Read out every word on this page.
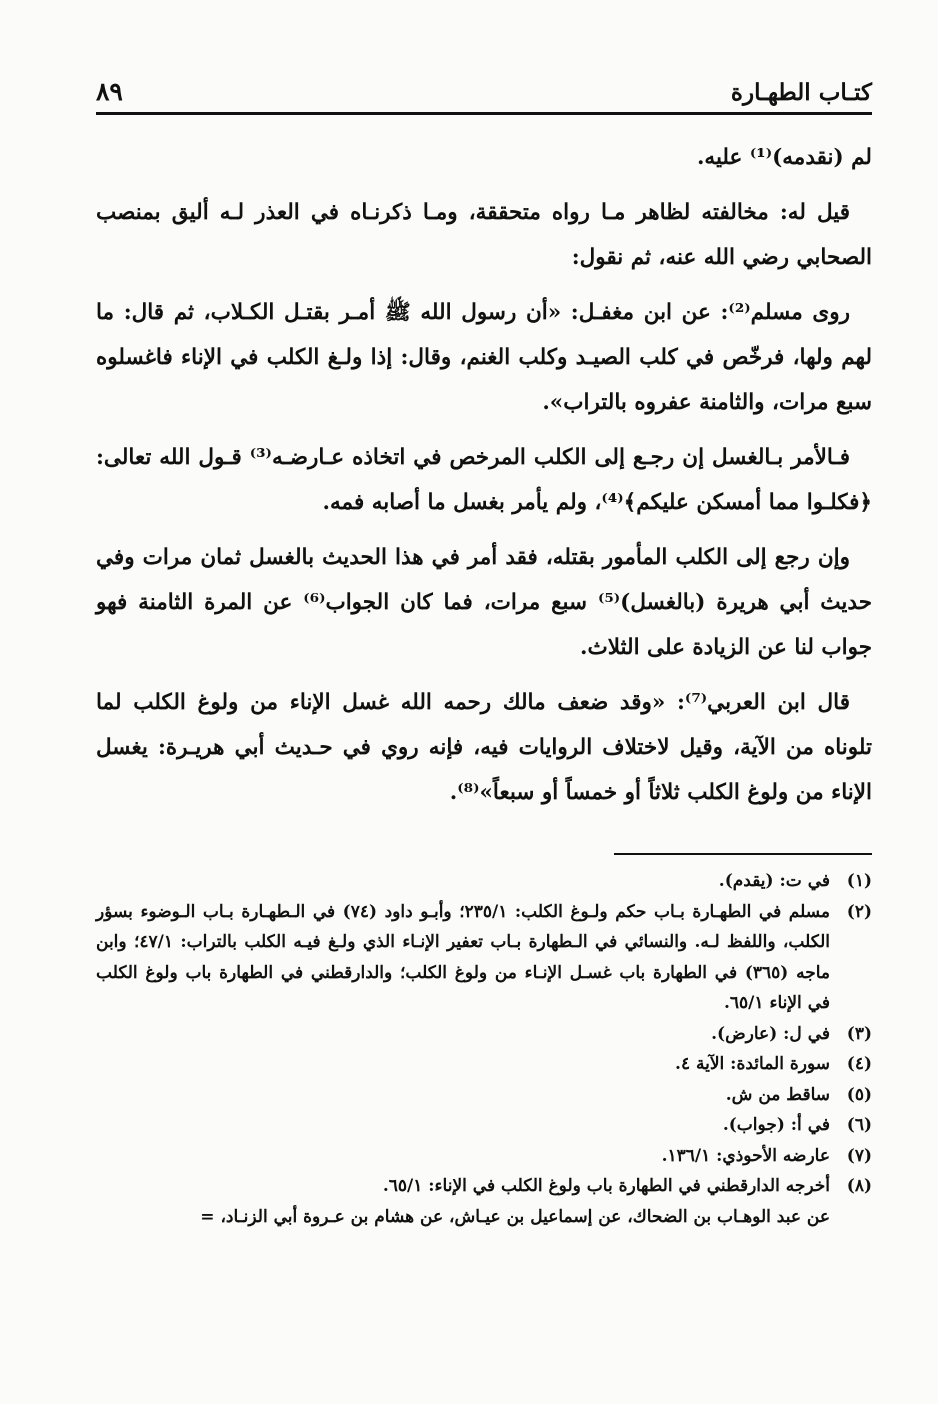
٨٩	كتـاب الطهـارة

لم (نقدمه)⁽¹⁾ عليه.

قيل له: مخالفته لظاهر مـا رواه متحققة، ومـا ذكرنـاه في العذر لـه أليق بمنصب الصحابي رضي الله عنه، ثم نقول:

روى مسلم⁽²⁾: عن ابن مغفـل: «أن رسول الله ﷺ أمـر بقتـل الكـلاب، ثم قال: ما لهم ولها، فرخّص في كلب الصيـد وكلب الغنم، وقال: إذا ولـغ الكلب في الإناء فاغسلوه سبع مرات، والثامنة عفروه بالتراب».

فـالأمر بـالغسل إن رجـع إلى الكلب المرخص في اتخاذه عـارضـه⁽³⁾ قـول الله تعالى: ﴿فكلـوا مما أمسكن عليكم﴾⁽⁴⁾، ولم يأمر بغسل ما أصابه فمه.

وإن رجع إلى الكلب المأمور بقتله، فقد أمر في هذا الحديث بالغسل ثمان مرات وفي حديث أبي هريرة (بالغسل)⁽⁵⁾ سبع مرات، فما كان الجواب⁽⁶⁾ عن المرة الثامنة فهو جواب لنا عن الزيادة على الثلاث.

قال ابن العربي⁽⁷⁾: «وقد ضعف مالك رحمه الله غسل الإناء من ولوغ الكلب لما تلوناه من الآية، وقيل لاختلاف الروايات فيه، فإنه روي في حـديث أبي هريـرة: يغسل الإناء من ولوغ الكلب ثلاثاً أو خمساً أو سبعاً»⁽⁸⁾.

(١)
في ت: (يقدم).
(٢)
مسلم في الطهـارة بـاب حكم ولـوغ الكلب: ٢٣٥/١؛ وأبـو داود (٧٤) في الـطهـارة بـاب الـوضوء بسؤر الكلب، واللفظ لـه. والنسائي في الـطهارة بـاب تعفير الإنـاء الذي ولـغ فيـه الكلب بالتراب: ٤٧/١؛ وابن ماجه (٣٦٥) في الطهارة باب غسـل الإنـاء من ولوغ الكلب؛ والدارقطني في الطهارة باب ولوغ الكلب في الإناء ٦٥/١.
(٣)
في ل: (عارض).
(٤)
سورة المائدة: الآية ٤.
(٥)
ساقط من ش.
(٦)
في أ: (جواب).
(٧)
عارضه الأحوذي: ١٣٦/١.
(٨)
أخرجه الدارقطني في الطهارة باب ولوغ الكلب في الإناء: ٦٥/١.
عن عبد الوهـاب بن الضحاك، عن إسماعيل بن عيـاش، عن هشام بن عـروة أبي الزنـاد، =
